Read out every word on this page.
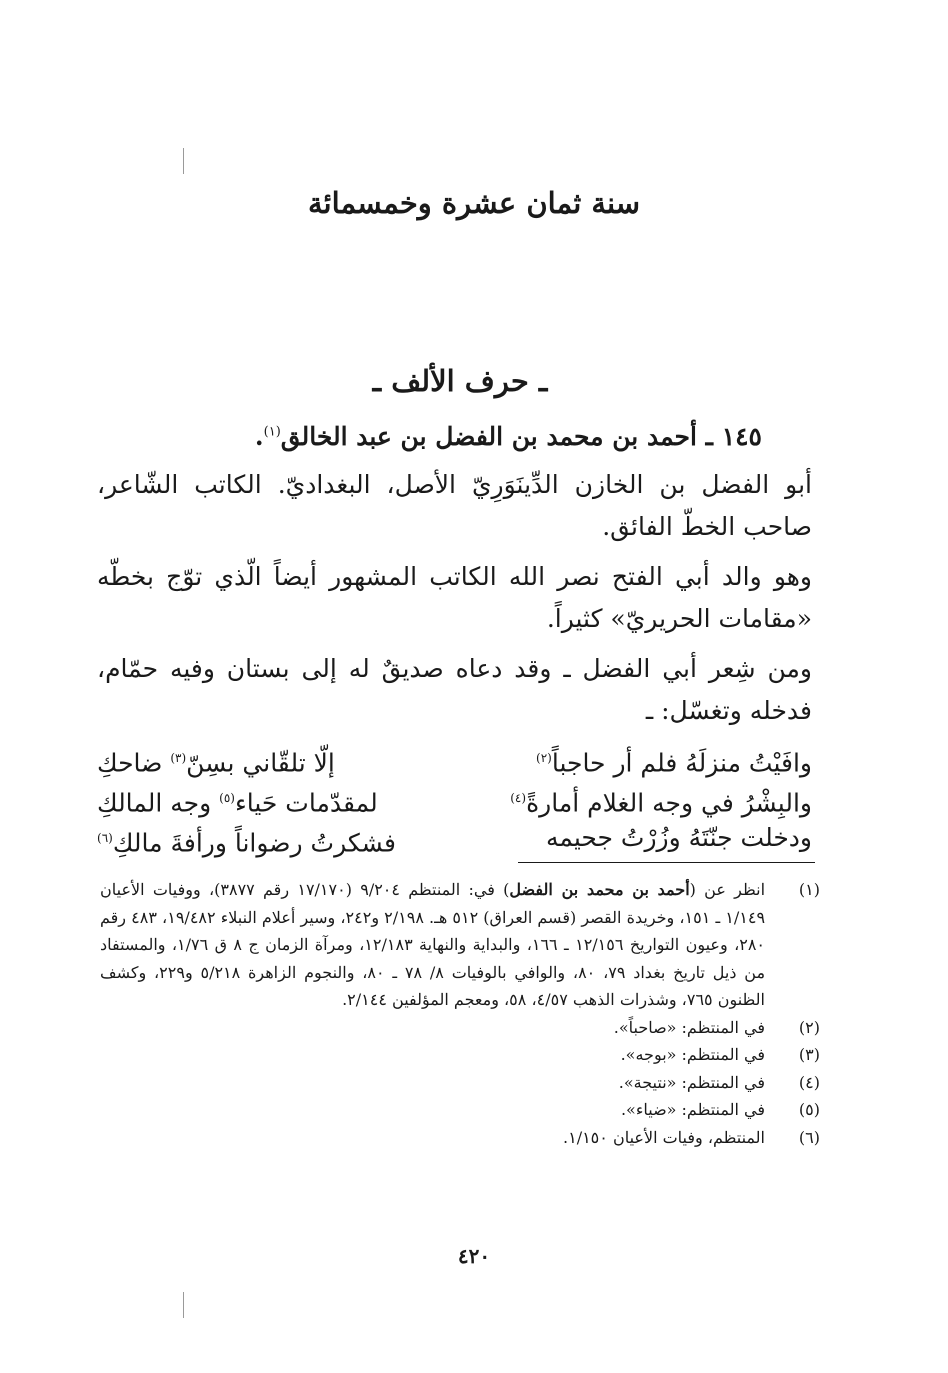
سنة ثمان عشرة وخمسمائة
ـ حرف الألف ـ
١٤٥ ـ أحمد بن محمد بن الفضل بن عبد الخالق$^{(١)}$.

أبو الفضل بن الخازن الدِّينَوَرِيّ الأصل، البغداديّ. الكاتب الشّاعر، صاحب الخطّ الفائق.

وهو والد أبي الفتح نصر الله الكاتب المشهور أيضاً الّذي توّج بخطّه «مقامات الحريريّ» كثيراً.

ومن شِعر أبي الفضل ـ وقد دعاه صديقٌ له إلى بستان وفيه حمّام، فدخله وتغسّل: ـ

وافَيْتُ منزلَهُ فلم أر حاجباً$^{(٢)}$
إلّا تلقّاني بسِنّ$^{(٣)}$ ضاحكِ
والبِشْرُ في وجه الغلام أمارةً$^{(٤)}$
لمقدّمات حَياء$^{(٥)}$ وجه المالكِ
ودخلت جنّتَهُ وزُرْتُ جحيمه
فشكرتُ رضواناً ورأفةَ مالكِ$^{(٦)}$
(١)
انظر عن (أحمد بن محمد بن الفضل) في: المنتظم ٩/٢٠٤ (١٧/١٧٠ رقم ٣٨٧٧)، ووفيات الأعيان ١/١٤٩ ـ ١٥١، وخريدة القصر (قسم العراق) ٥١٢ هـ. ٢/١٩٨ و٢٤٢، وسير أعلام النبلاء ١٩/٤٨٢، ٤٨٣ رقم ٢٨٠، وعيون التواريخ ١٢/١٥٦ ـ ١٦٦، والبداية والنهاية ١٢/١٨٣، ومرآة الزمان ج ٨ ق ١/٧٦، والمستفاد من ذيل تاريخ بغداد ٧٩، ٨٠، والوافي بالوفيات ٨/ ٧٨ ـ ٨٠، والنجوم الزاهرة ٥/٢١٨ و٢٢٩، وكشف الظنون ٧٦٥، وشذرات الذهب ٤/٥٧، ٥٨، ومعجم المؤلفين ٢/١٤٤.
(٢)
في المنتظم: «صاحباً».
(٣)
في المنتظم: «بوجه».
(٤)
في المنتظم: «نتيجة».
(٥)
في المنتظم: «ضياء».
(٦)
المنتظم، وفيات الأعيان ١/١٥٠.
٤٢٠
